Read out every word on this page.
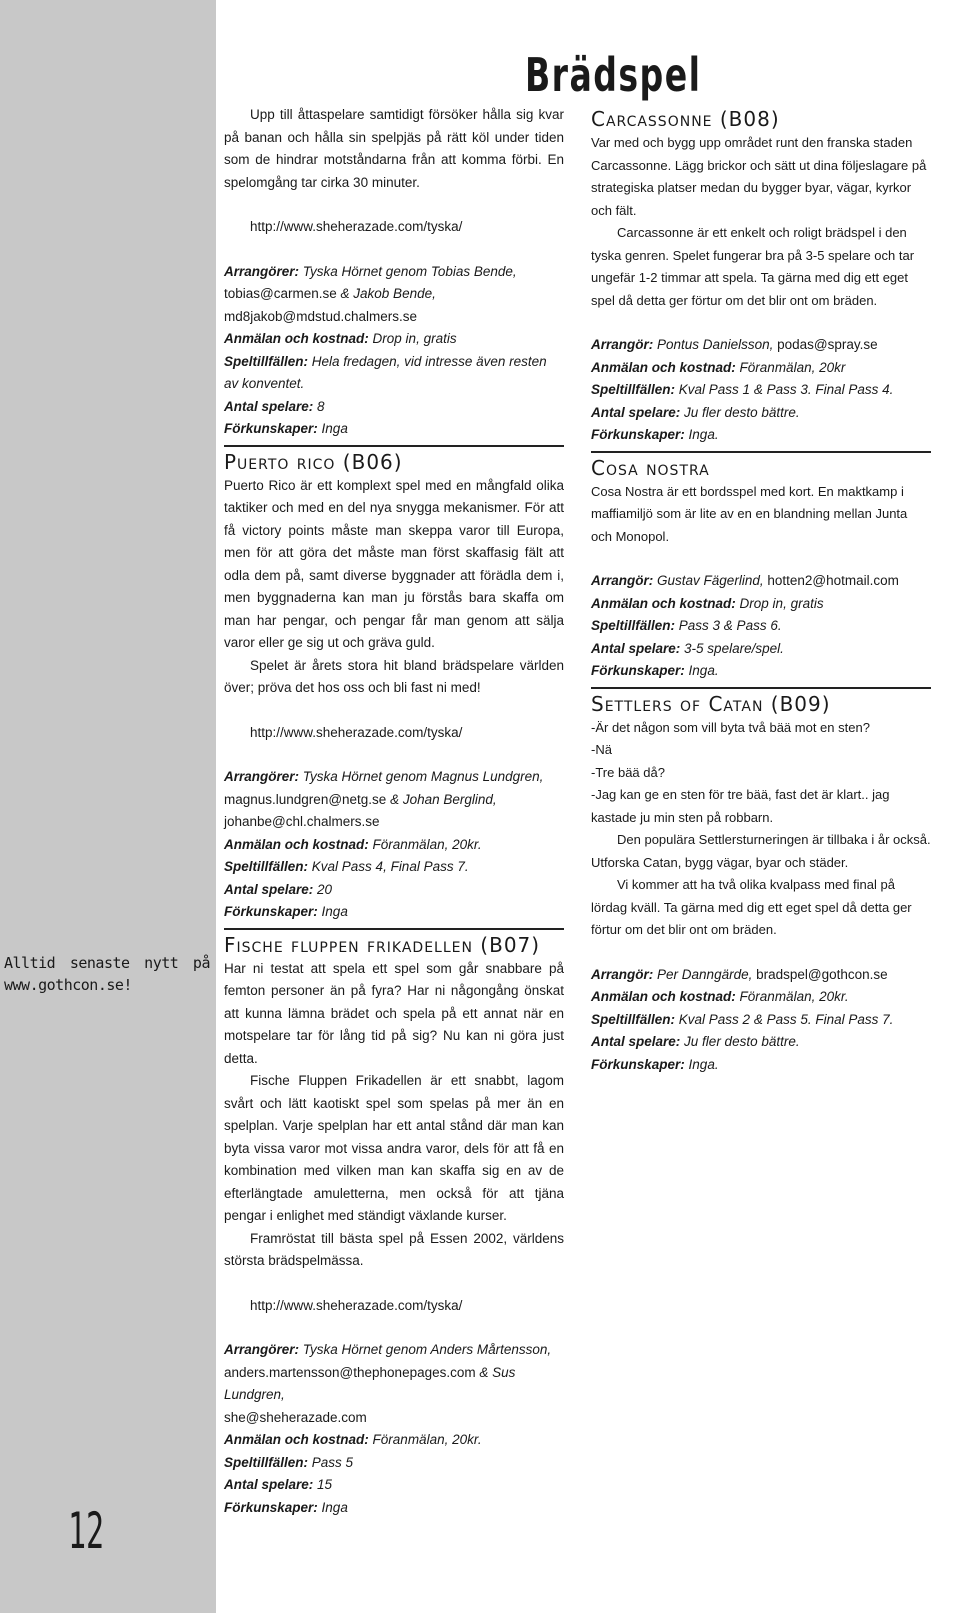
Alltid senaste nytt på www.gothcon.se!
12
Brädspel

Upp till åttaspelare samtidigt försöker hålla sig kvar på banan och hålla sin spelpjäs på rätt köl under tiden som de hindrar motståndarna från att komma förbi. En spelomgång tar cirka 30 minuter.

http://www.sheherazade.com/tyska/

Arrangörer: Tyska Hörnet genom Tobias Bende, tobias@carmen.se & Jakob Bende, md8jakob@mdstud.chalmers.se

Anmälan och kostnad: Drop in, gratis

Speltillfällen: Hela fredagen, vid intresse även resten av konventet.

Antal spelare: 8

Förkunskaper: Inga

Puerto rico (B06)

Puerto Rico är ett komplext spel med en mångfald olika taktiker och med en del nya snygga mekanismer. För att få victory points måste man skeppa varor till Europa, men för att göra det måste man först skaffasig fält att odla dem på, samt diverse byggnader att förädla dem i, men byggnaderna kan man ju förstås bara skaffa om man har pengar, och pengar får man genom att sälja varor eller ge sig ut och gräva guld.

Spelet är årets stora hit bland brädspelare världen över; pröva det hos oss och bli fast ni med!

http://www.sheherazade.com/tyska/

Arrangörer: Tyska Hörnet genom Magnus Lundgren,
magnus.lundgren@netg.se & Johan Berglind,
johanbe@chl.chalmers.se

Anmälan och kostnad: Föranmälan, 20kr.

Speltillfällen: Kval Pass 4, Final Pass 7.

Antal spelare: 20

Förkunskaper: Inga

Fische fluppen frikadellen (B07)

Har ni testat att spela ett spel som går snabbare på femton personer än på fyra? Har ni någongång önskat att kunna lämna brädet och spela på ett annat när en motspelare tar för lång tid på sig? Nu kan ni göra just detta.

Fische Fluppen Frikadellen är ett snabbt, lagom svårt och lätt kaotiskt spel som spelas på mer än en spelplan. Varje spelplan har ett antal stånd där man kan byta vissa varor mot vissa andra varor, dels för att få en kombination med vilken man kan skaffa sig en av de efterlängtade amuletterna, men också för att tjäna pengar i enlighet med ständigt växlande kurser.

Framröstat till bästa spel på Essen 2002, världens största brädspelmässa.

http://www.sheherazade.com/tyska/

Arrangörer: Tyska Hörnet genom Anders Mårtensson,
anders.martensson@thephonepages.com & Sus Lundgren,
she@sheherazade.com

Anmälan och kostnad: Föranmälan, 20kr.

Speltillfällen: Pass 5

Antal spelare: 15

Förkunskaper: Inga

Carcassonne (B08)

Var med och bygg upp området runt den franska staden Carcassonne. Lägg brickor och sätt ut dina följeslagare på strategiska platser medan du bygger byar, vägar, kyrkor och fält.

Carcassonne är ett enkelt och roligt brädspel i den tyska genren. Spelet fungerar bra på 3-5 spelare och tar ungefär 1-2 timmar att spela. Ta gärna med dig ett eget spel då detta ger förtur om det blir ont om bräden.

Arrangör: Pontus Danielsson, podas@spray.se

Anmälan och kostnad: Föranmälan, 20kr

Speltillfällen: Kval Pass 1 & Pass 3. Final Pass 4.

Antal spelare: Ju fler desto bättre.

Förkunskaper: Inga.

Cosa nostra

Cosa Nostra är ett bordsspel med kort. En maktkamp i maffiamiljö som är lite av en en blandning mellan Junta och Monopol.

Arrangör: Gustav Fägerlind, hotten2@hotmail.com

Anmälan och kostnad: Drop in, gratis

Speltillfällen: Pass 3 & Pass 6.

Antal spelare: 3-5 spelare/spel.

Förkunskaper: Inga.

Settlers of Catan (B09)

-Är det någon som vill byta två bää mot en sten?

-Nä

-Tre bää då?

-Jag kan ge en sten för tre bää, fast det är klart.. jag kastade ju min sten på robbarn.

Den populära Settlersturneringen är tillbaka i år också. Utforska Catan, bygg vägar, byar och städer.

Vi kommer att ha två olika kvalpass med final på lördag kväll. Ta gärna med dig ett eget spel då detta ger förtur om det blir ont om bräden.

Arrangör: Per Danngärde, bradspel@gothcon.se

Anmälan och kostnad: Föranmälan, 20kr.

Speltillfällen: Kval Pass 2 & Pass 5. Final Pass 7.

Antal spelare: Ju fler desto bättre.

Förkunskaper: Inga.
